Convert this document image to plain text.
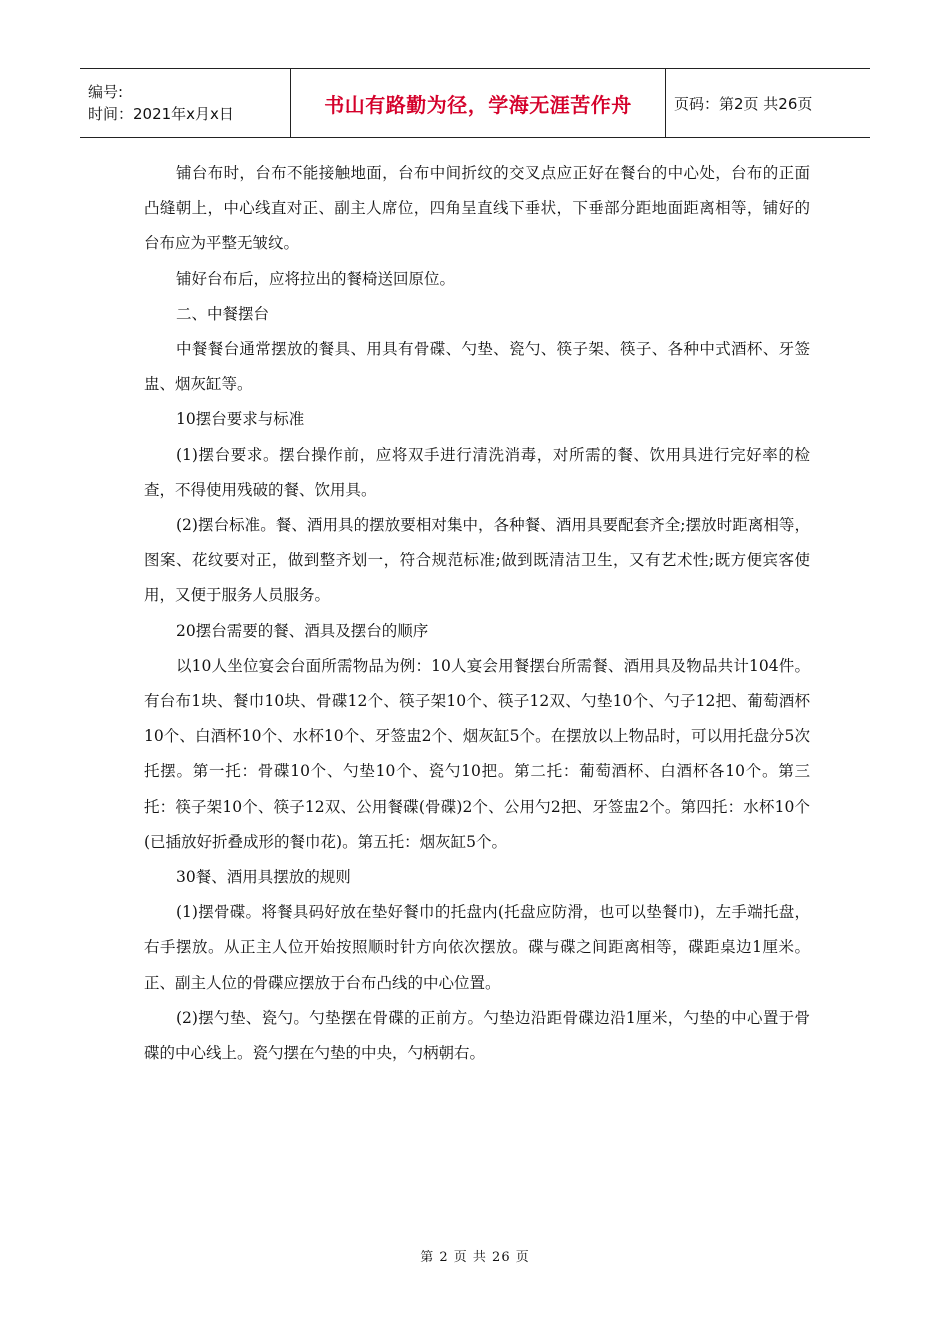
编号:
时间：2021年x月x日	书山有路勤为径，学海无涯苦作舟	页码：第2页 共26页

铺台布时，台布不能接触地面，台布中间折纹的交叉点应正好在餐台的中心处，台布的正面凸缝朝上，中心线直对正、副主人席位，四角呈直线下垂状，下垂部分距地面距离相等，铺好的台布应为平整无皱纹。

铺好台布后，应将拉出的餐椅送回原位。

二、中餐摆台

中餐餐台通常摆放的餐具、用具有骨碟、勺垫、瓷勺、筷子架、筷子、各种中式酒杯、牙签盅、烟灰缸等。

10摆台要求与标准

(1)摆台要求。摆台操作前，应将双手进行清洗消毒，对所需的餐、饮用具进行完好率的检查，不得使用残破的餐、饮用具。

(2)摆台标准。餐、酒用具的摆放要相对集中，各种餐、酒用具要配套齐全;摆放时距离相等，图案、花纹要对正，做到整齐划一，符合规范标准;做到既清洁卫生，又有艺术性;既方便宾客使用，又便于服务人员服务。

20摆台需要的餐、酒具及摆台的顺序

以10人坐位宴会台面所需物品为例：10人宴会用餐摆台所需餐、酒用具及物品共计104件。有台布1块、餐巾10块、骨碟12个、筷子架10个、筷子12双、勺垫10个、勺子12把、葡萄酒杯10个、白酒杯10个、水杯10个、牙签盅2个、烟灰缸5个。在摆放以上物品时，可以用托盘分5次托摆。第一托：骨碟10个、勺垫10个、瓷勺10把。第二托：葡萄酒杯、白酒杯各10个。第三托：筷子架10个、筷子12双、公用餐碟(骨碟)2个、公用勺2把、牙签盅2个。第四托：水杯10个(已插放好折叠成形的餐巾花)。第五托：烟灰缸5个。

30餐、酒用具摆放的规则

(1)摆骨碟。将餐具码好放在垫好餐巾的托盘内(托盘应防滑，也可以垫餐巾)，左手端托盘，右手摆放。从正主人位开始按照顺时针方向依次摆放。碟与碟之间距离相等，碟距桌边1厘米。正、副主人位的骨碟应摆放于台布凸线的中心位置。

(2)摆勺垫、瓷勺。勺垫摆在骨碟的正前方。勺垫边沿距骨碟边沿1厘米，勺垫的中心置于骨碟的中心线上。瓷勺摆在勺垫的中央，勺柄朝右。

第 2 页 共 26 页
